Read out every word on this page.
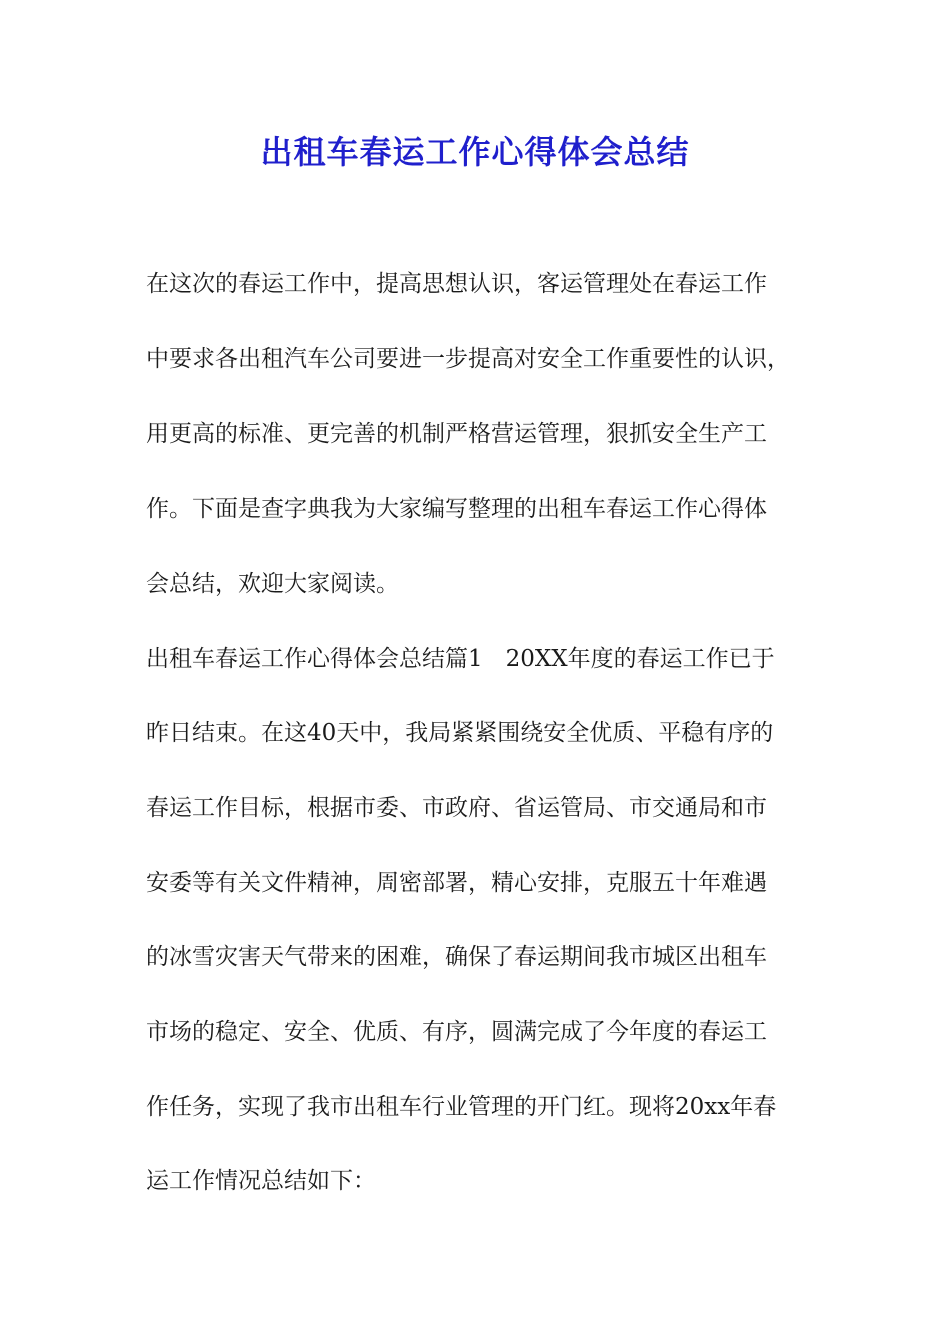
出租车春运工作心得体会总结
在这次的春运工作中，提高思想认识，客运管理处在春运工作
中要求各出租汽车公司要进一步提高对安全工作重要性的认识，
用更高的标准、更完善的机制严格营运管理，狠抓安全生产工
作。下面是查字典我为大家编写整理的出租车春运工作心得体
会总结，欢迎大家阅读。
出租车春运工作心得体会总结篇1　20XX年度的春运工作已于
昨日结束。在这40天中，我局紧紧围绕安全优质、平稳有序的
春运工作目标，根据市委、市政府、省运管局、市交通局和市
安委等有关文件精神，周密部署，精心安排，克服五十年难遇
的冰雪灾害天气带来的困难，确保了春运期间我市城区出租车
市场的稳定、安全、优质、有序，圆满完成了今年度的春运工
作任务，实现了我市出租车行业管理的开门红。现将20xx年春
运工作情况总结如下：
